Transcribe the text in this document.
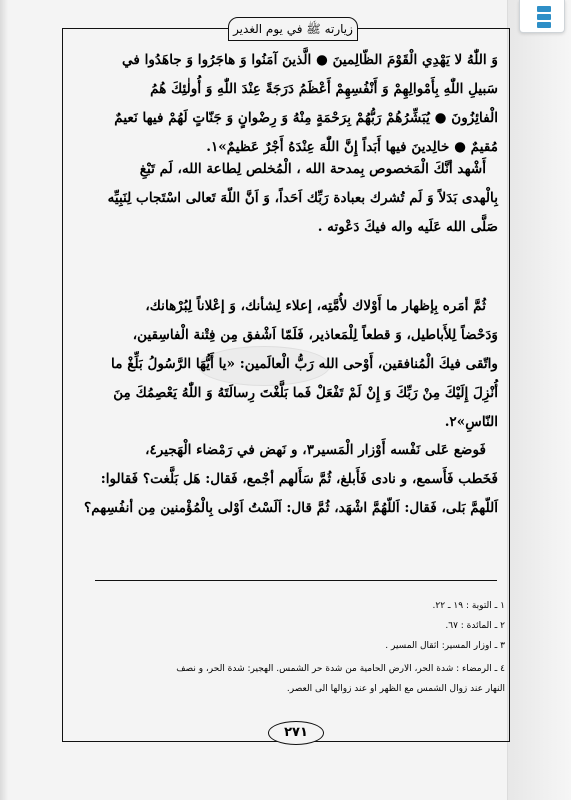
زيارته ﷺ في يوم الغدير

وَ اللّٰهُ لا يَهْدِي الْقَوْمَ الظّالِمينَ ● الَّذينَ آمَنُوا وَ هاجَرُوا وَ جاهَدُوا في

سَبيلِ اللّٰهِ بِأَمْوالِهِمْ وَ أَنْفُسِهِمْ أَعْظَمُ دَرَجَةً عِنْدَ اللّٰهِ وَ أُولٰئِكَ هُمُ

الْفائِزُونَ ● يُبَشِّرُهُمْ رَبُّهُمْ بِرَحْمَةٍ مِنْهُ وَ رِضْوانٍ وَ جَنّاتٍ لَهُمْ فيها نَعيمٌ

مُقيمٌ ● خالِدينَ فيها أَبَداً إِنَّ اللّٰهَ عِنْدَهُ أَجْرٌ عَظيمٌ»١.

أَشْهد أنَّكَ الْمَخصوص بِمدحة الله ، الْمُخلص لِطاعة الله، لَم تَبْغِ

بِالْهدى بَدَلاً وَ لَم تُشرك بعبادة رَبِّك اَحَداً، وَ اَنَّ اللّهَ تَعالى اسْتَجاب لِنَبِيِّه

صَلَّى الله عَلَيه واله فيكَ دَعْوته .

ثُمَّ أمَره بِإظهار ما أَوْلاك لأُمَّتِه، إعلاء لِشأنك، وَ إعْلاناً لِبُرْهانك،

وَدَحْضاً لِلأَباطيل، وَ قطعاً لِلْمَعاذير، فَلَمّا اَشْفق مِن فِتْنة الْفاسِقين،

واتّقى فيكَ الْمُنافقين، أَوْحى الله رَبُّ الْعالَمين: «يا أَيُّهَا الرَّسُولُ بَلِّغْ ما

أُنْزِلَ إِلَيْكَ مِنْ رَبِّكَ وَ إِنْ لَمْ تَفْعَلْ فَما بَلَّغْتَ رِسالَتَهُ وَ اللّٰهُ يَعْصِمُكَ مِنَ

النّاسِ»٢.

فَوضع عَلى نَفْسه أَوْزار الْمَسير٣، و نَهض في رَمْضاء الْهَجير٤،

فَخَطب فَأَسمع، و نادى فَأَبلغ، ثُمَّ سَأَلهم أجْمع، فَقال: هَل بَلَّغت؟ فَقالوا:

اَللّهمَّ بَلى، فَقال: اَللّهُمَّ اشْهَد، ثُمَّ قال: اَلَسْتُ اَوْلى بِالْمُؤْمنين مِن أنفُسِهم؟

١ ـ التوبة : ١٩ ـ ٢٢.

٢ ـ المائدة : ٦٧.

٣ ـ اوزار المسير: اثقال المسير .

٤ ـ الرمضاء : شدة الحر، الارض الحامية من شدة حر الشمس. الهجير: شدة الحر، و نصف

النهار عند زوال الشمس مع الظهر او عند زوالها الى العصر.

٢٧١
